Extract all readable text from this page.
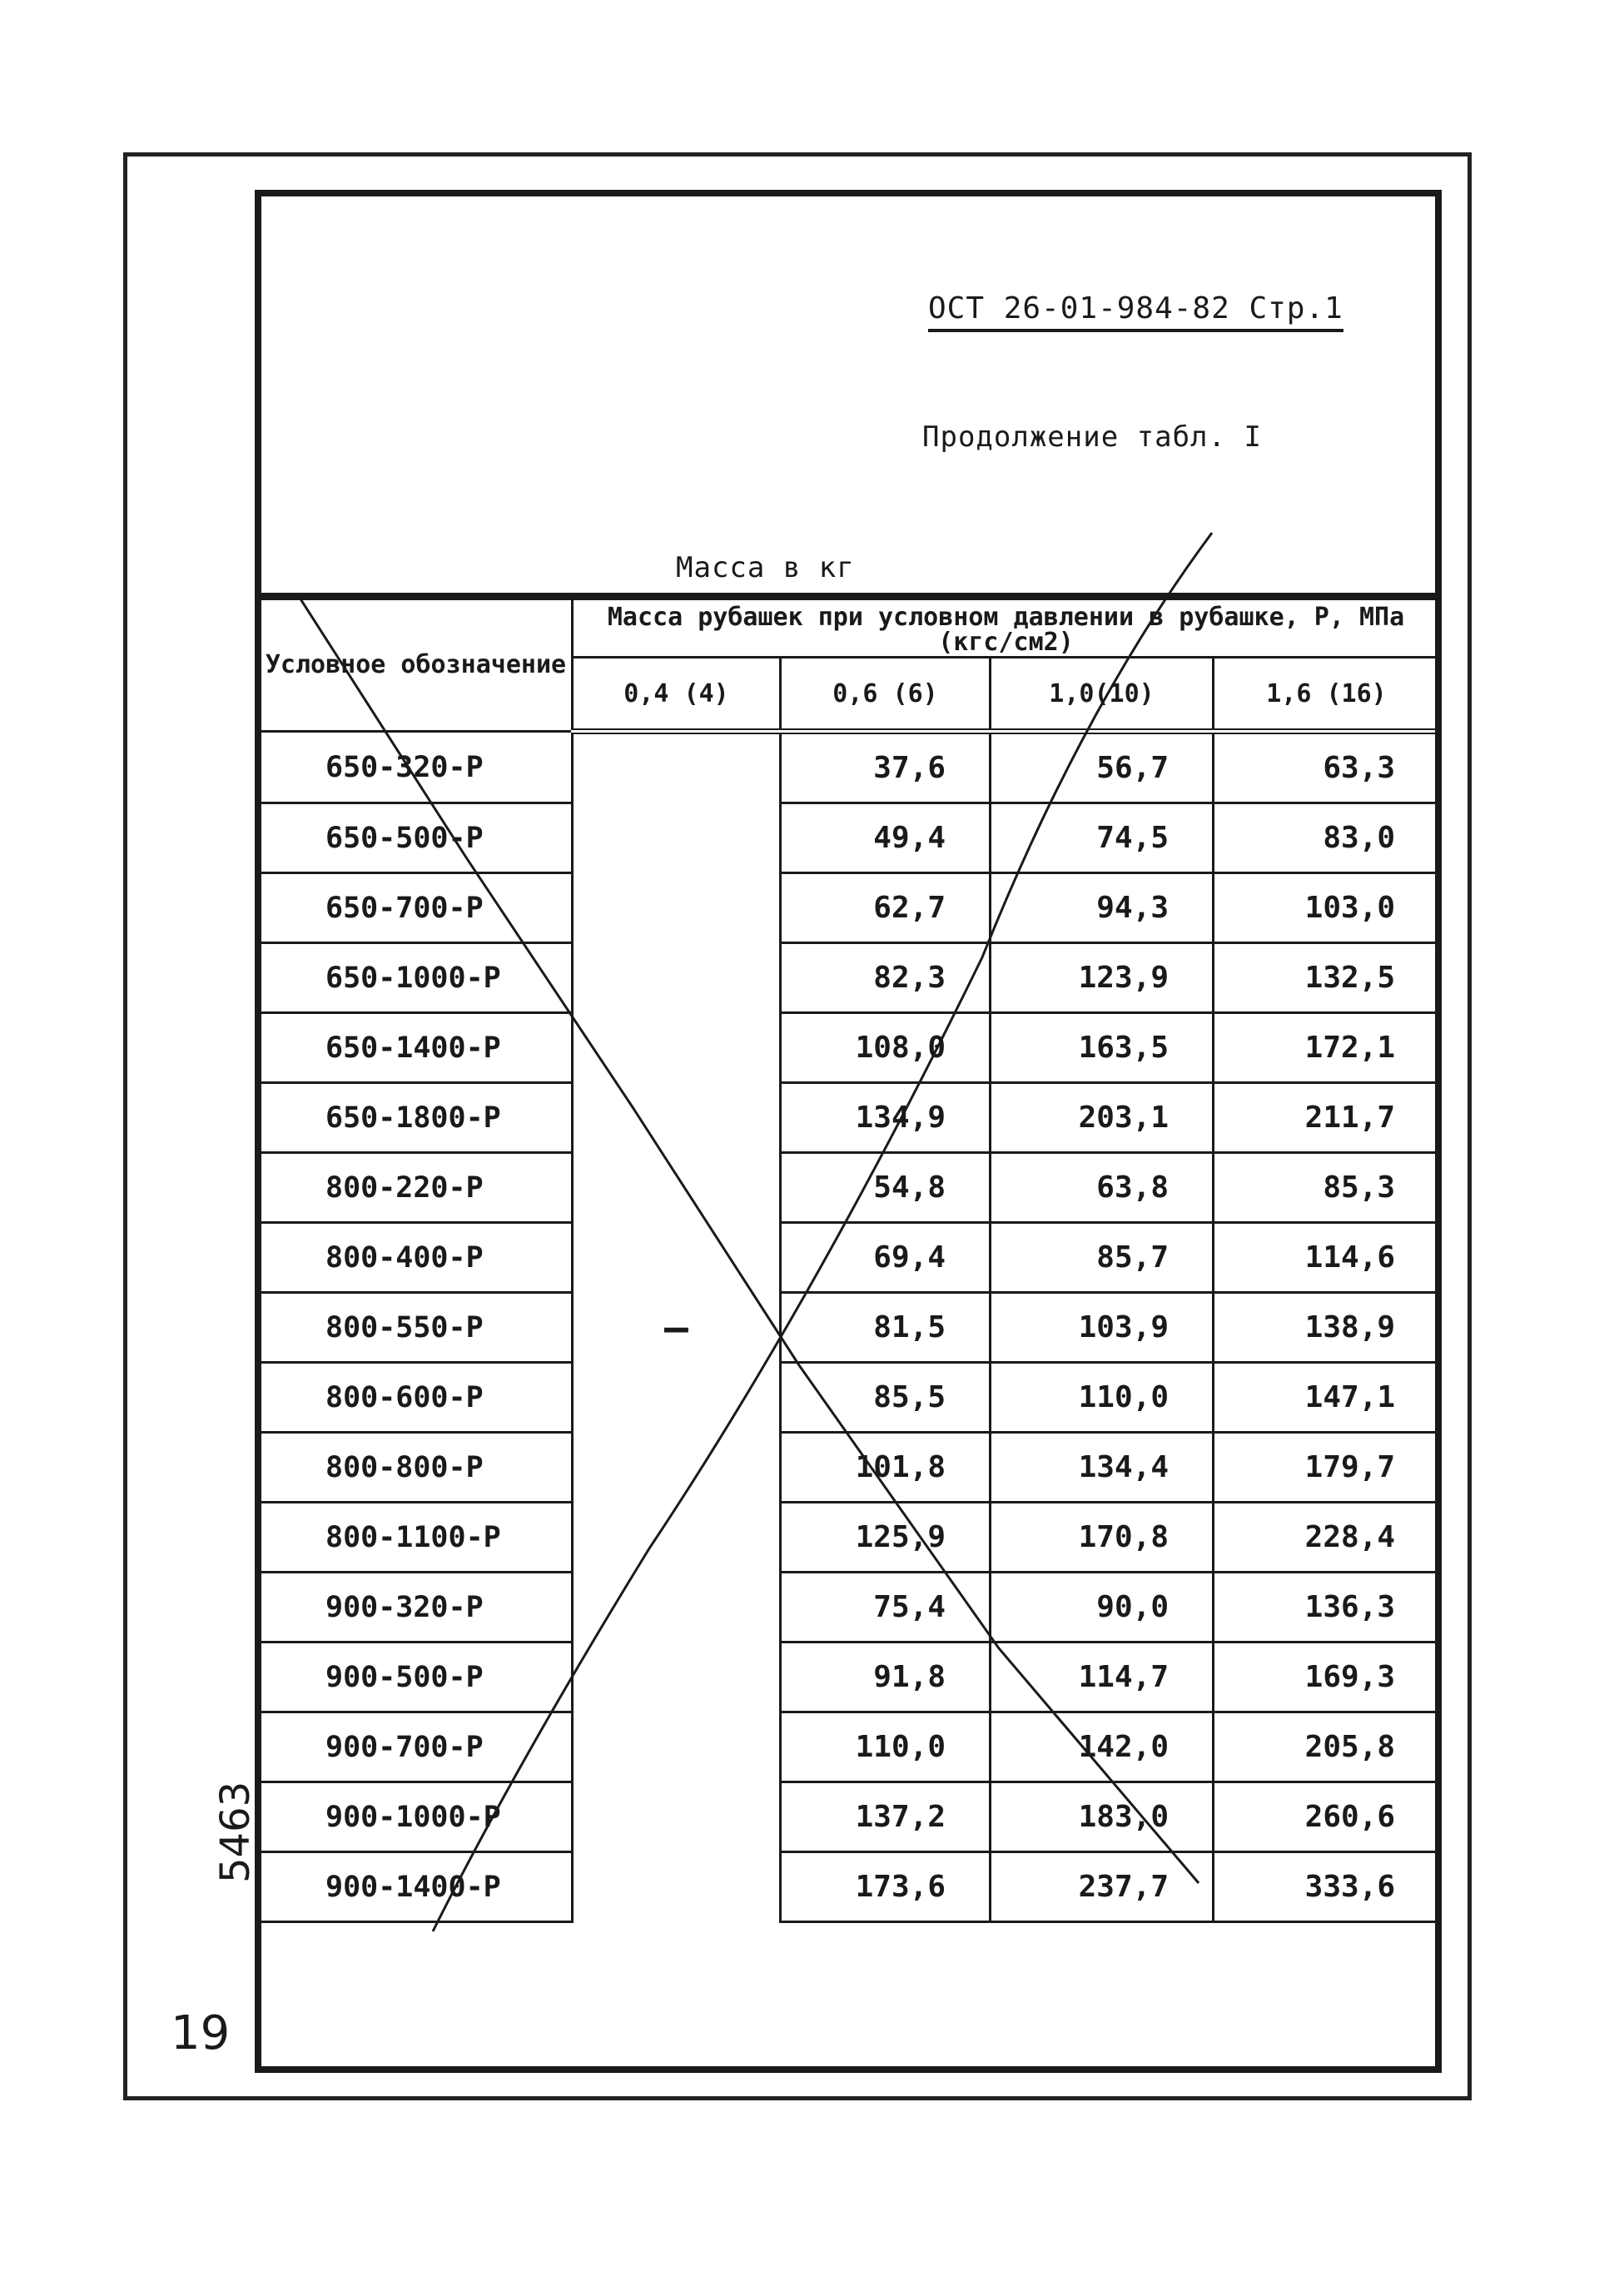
ОСТ 26-01-984-82 Стр.1
Продолжение табл. I
Масса в кг
Условное обозначение	Масса рубашек при условном давлении в рубашке, Р, МПа (кгс/см2)			
	0,4 (4)	0,6 (6)	1,0(10)	1,6 (16)
650-320-Р	—	37,6	56,7	63,3
650-500-Р		49,4	74,5	83,0
650-700-Р		62,7	94,3	103,0
650-1000-Р		82,3	123,9	132,5
650-1400-Р		108,0	163,5	172,1
650-1800-Р		134,9	203,1	211,7
800-220-Р		54,8	63,8	85,3
800-400-Р		69,4	85,7	114,6
800-550-Р		81,5	103,9	138,9
800-600-Р		85,5	110,0	147,1
800-800-Р		101,8	134,4	179,7
800-1100-Р		125,9	170,8	228,4
900-320-Р		75,4	90,0	136,3
900-500-Р		91,8	114,7	169,3
900-700-Р		110,0	142,0	205,8
900-1000-Р		137,2	183,0	260,6
900-1400-Р		173,6	237,7	333,6
5463
19
